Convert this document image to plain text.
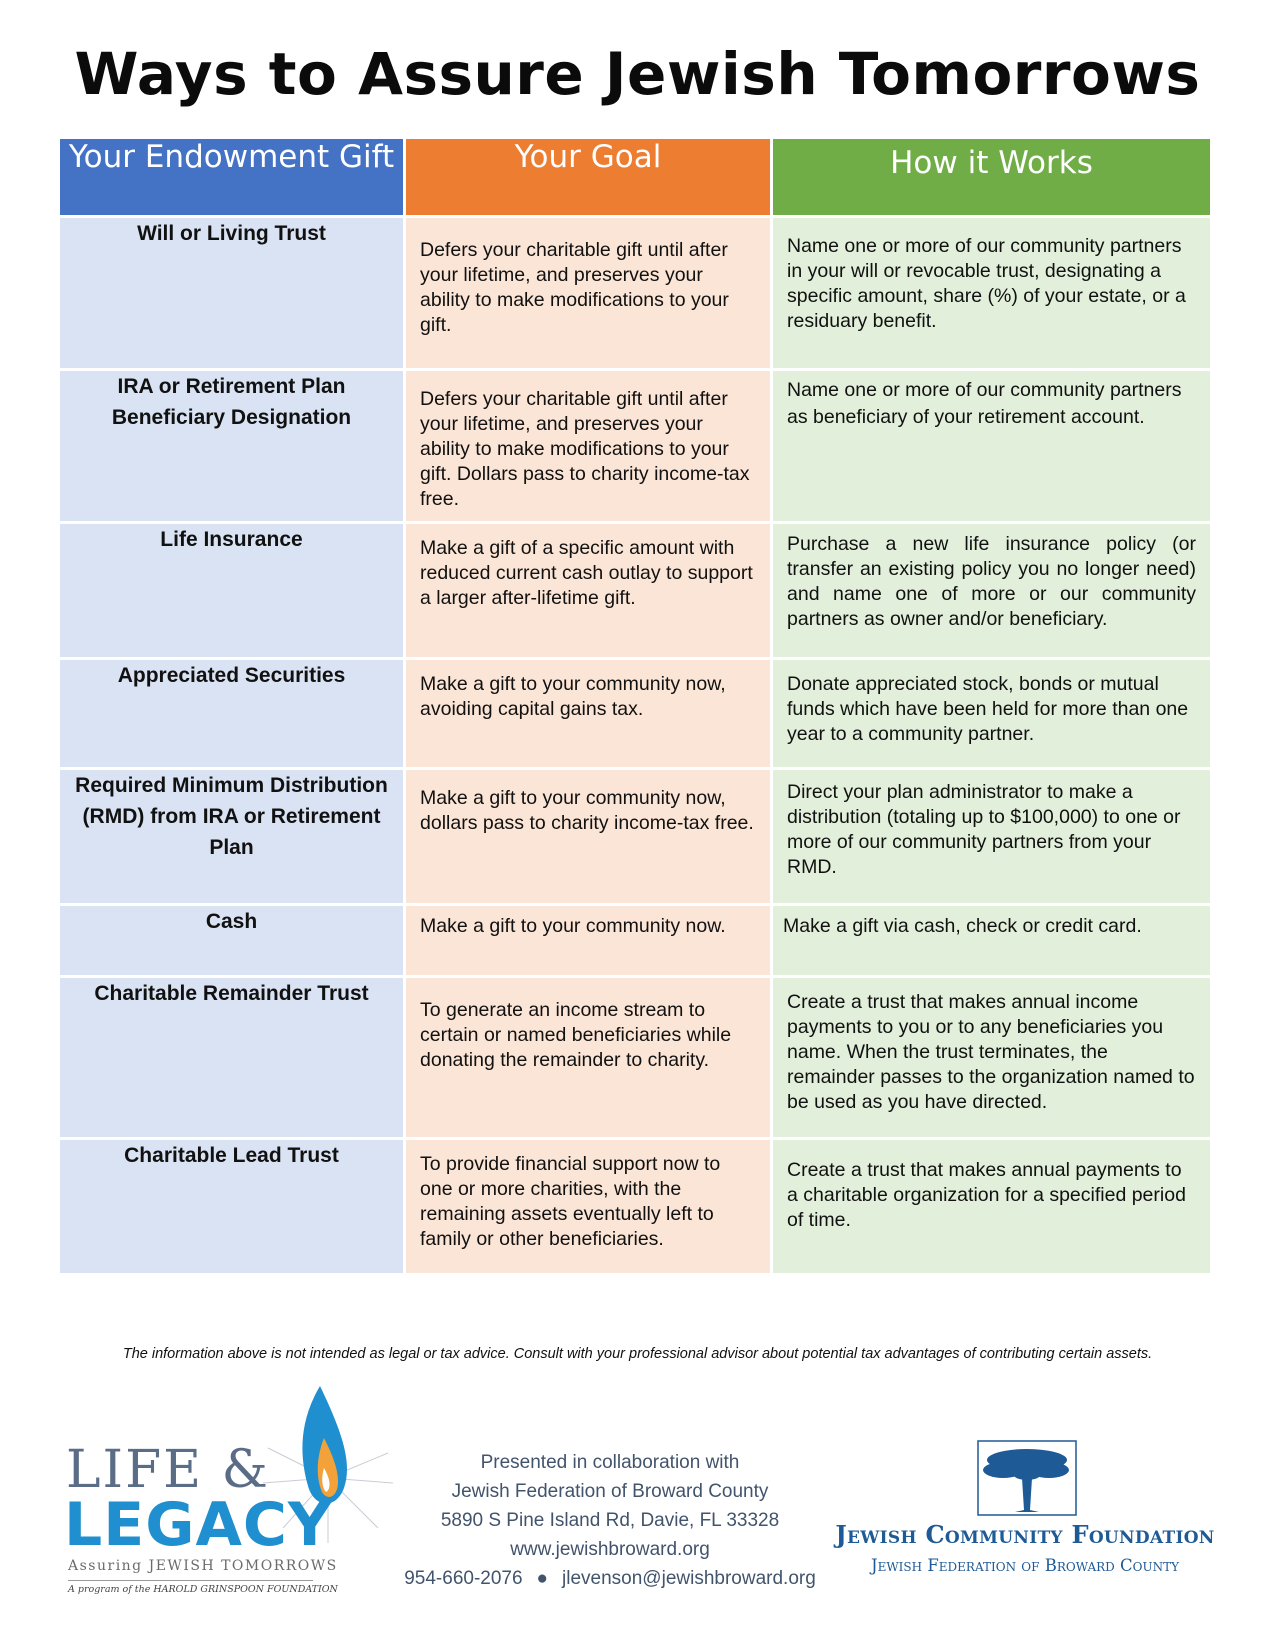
Ways to Assure Jewish Tomorrows
Your Endowment Gift	Your Goal	How it Works
Will or Living Trust	Defers your charitable gift until after your lifetime, and preserves your ability to make modifications to your gift.	Name one or more of our community partners in your will or revocable trust, designating a specific amount, share (%) of your estate, or a residuary benefit.
IRA or Retirement Plan Beneficiary Designation	Defers your charitable gift until after your lifetime, and preserves your ability to make modifications to your gift. Dollars pass to charity income-tax free.	Name one or more of our community partners as beneficiary of your retirement account.
Life Insurance	Make a gift of a specific amount with reduced current cash outlay to support a larger after-lifetime gift.	Purchase a new life insurance policy (or transfer an existing policy you no longer need) and name one of more or our community partners as owner and/or beneficiary.
Appreciated Securities	Make a gift to your community now, avoiding capital gains tax.	Donate appreciated stock, bonds or mutual funds which have been held for more than one year to a community partner.
Required Minimum Distribution (RMD) from IRA or Retirement Plan	Make a gift to your community now, dollars pass to charity income-tax free.	Direct your plan administrator to make a distribution (totaling up to $100,000) to one or more of our community partners from your RMD.
Cash	Make a gift to your community now.	Make a gift via cash, check or credit card.
Charitable Remainder Trust	To generate an income stream to certain or named beneficiaries while donating the remainder to charity.	Create a trust that makes annual income payments to you or to any beneficiaries you name. When the trust terminates, the remainder passes to the organization named to be used as you have directed.
Charitable Lead Trust	To provide financial support now to one or more charities, with the remaining assets eventually left to family or other beneficiaries.	Create a trust that makes annual payments to a charitable organization for a specified period of time.
The information above is not intended as legal or tax advice. Consult with your professional advisor about potential tax advantages of contributing certain assets.
LIFE &
LEGACY
Assuring JEWISH TOMORROWS
A program of the HAROLD GRINSPOON FOUNDATION
Presented in collaboration with
Jewish Federation of Broward County
5890 S Pine Island Rd, Davie, FL 33328
www.jewishbroward.org
954-660-2076 ● jlevenson@jewishbroward.org
Jewish Community Foundation
Jewish Federation of Broward County
